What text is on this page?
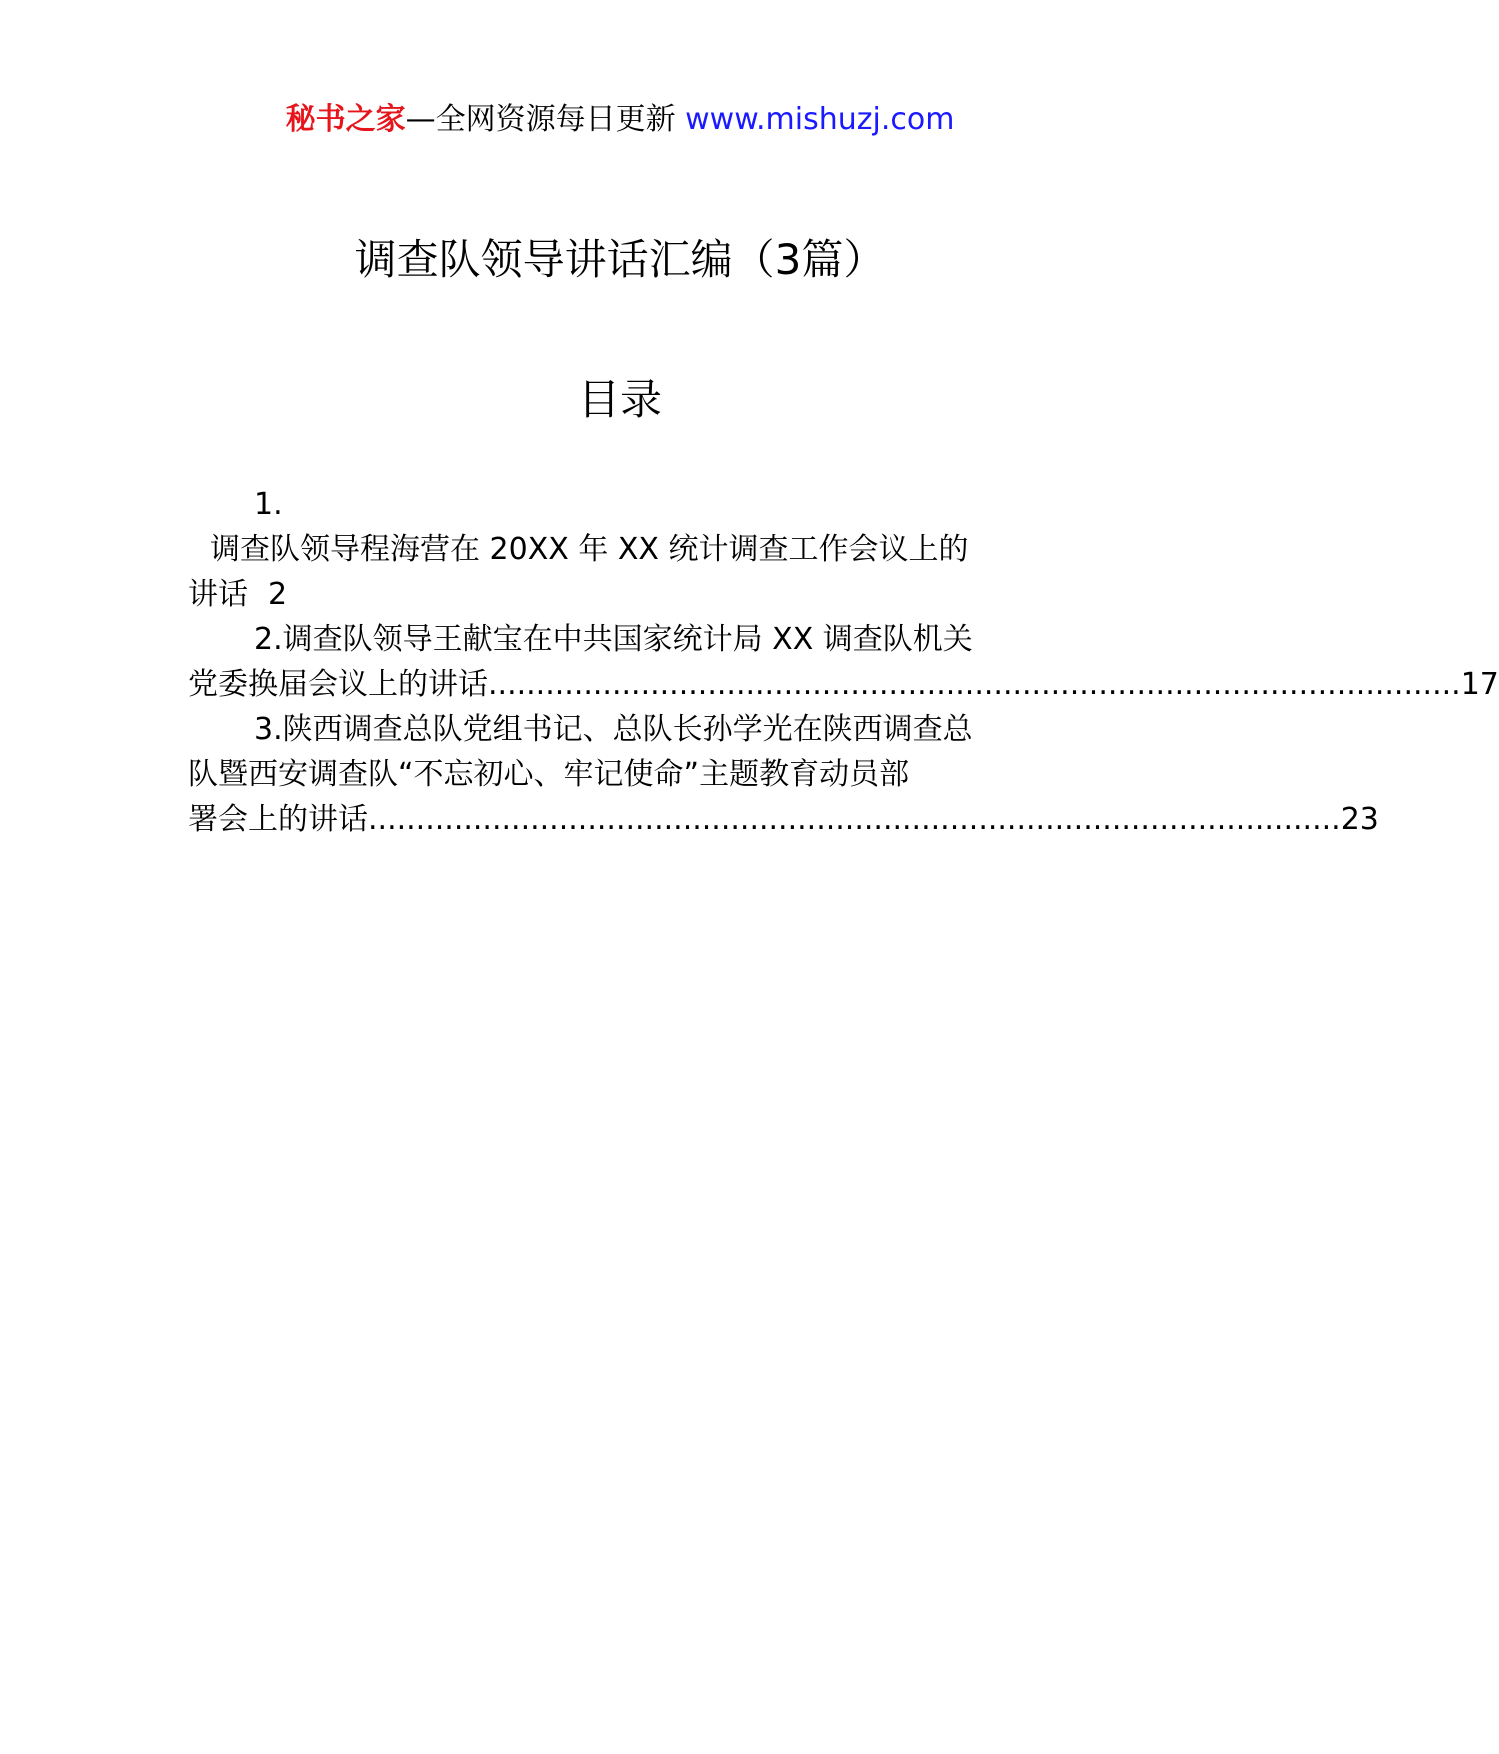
秘书之家—全网资源每日更新 www.mishuzj.com
调查队领导讲话汇编（3篇）
目录
1.
调查队领导程海营在 20XX 年 XX 统计调查工作会议上的
讲话 2
2.调查队领导王献宝在中共国家统计局 XX 调查队机关
党委换届会议上的讲话 ...................................................................................................... 17
3.陕西调查总队党组书记、总队长孙学光在陕西调查总
队暨西安调查队“不忘初心、牢记使命”主题教育动员部
署会上的讲话 ...................................................................................................... 23
